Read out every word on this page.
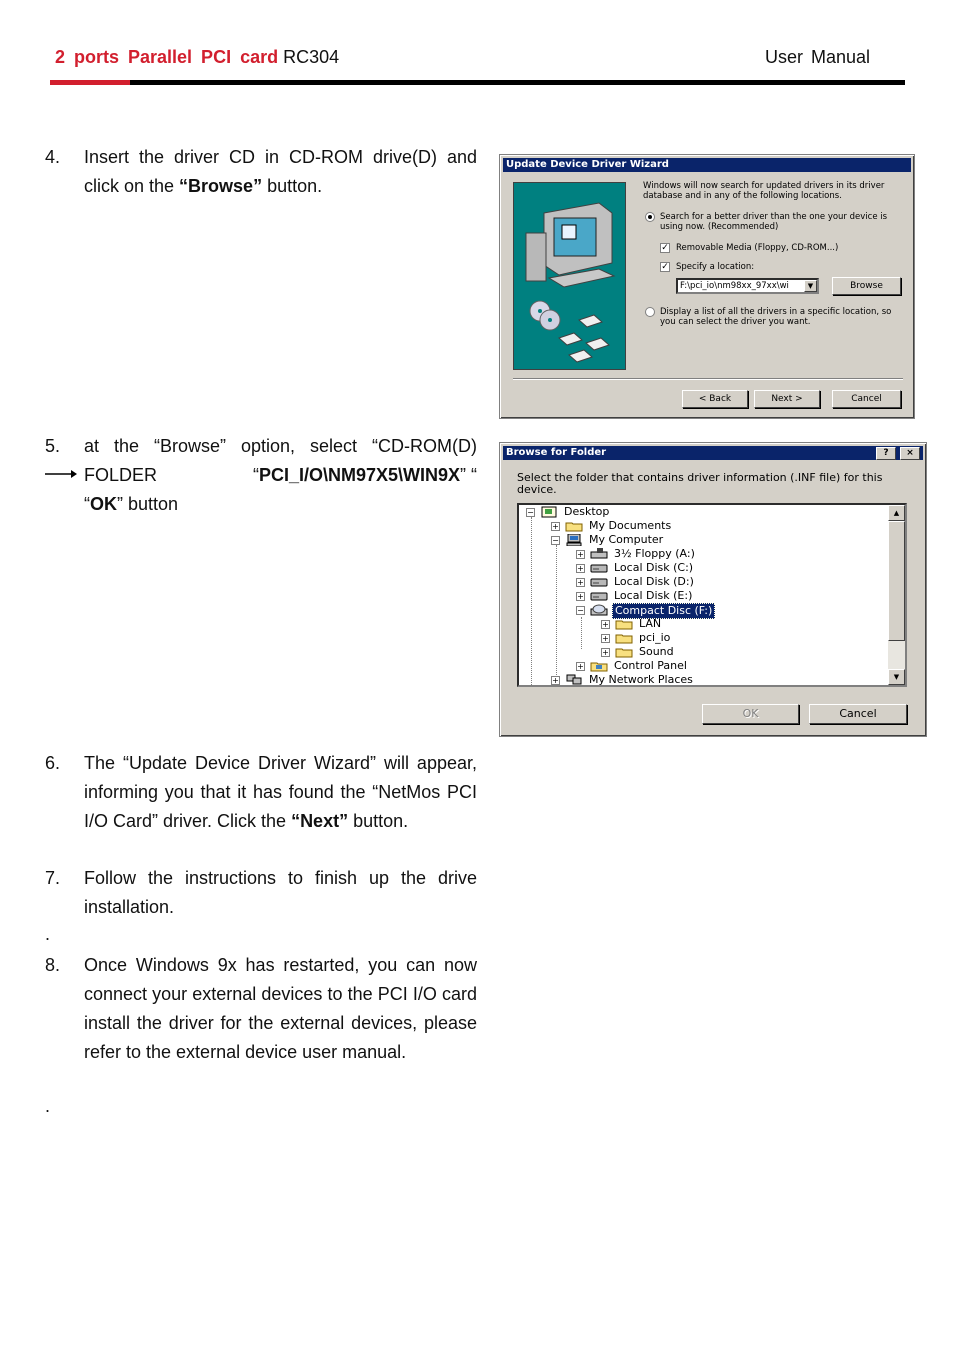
2 ports Parallel PCI card RC304	User Manual
4. Insert the driver CD in CD-ROM drive(D) and click on the “Browse” button.
5. at the “Browse” option, select “CD-ROM(D)
FOLDER	“PCI_I/O\NM97X5\WIN9X” “
“OK” button
6. The “Update Device Driver Wizard” will appear, informing you that it has found the “NetMos PCI I/O Card” driver. Click the “Next” button.
7. Follow the instructions to finish up the drive installation.
.
8. Once Windows 9x has restarted, you can now connect your external devices to the PCI I/O card install the driver for the external devices, please refer to the external device user manual.
.
Update Device Driver Wizard
Windows will now search for updated drivers in its driver database and in any of the following locations.
Search for a better driver than the one your device is using now. (Recommended)
✓ Removable Media (Floppy, CD-ROM...)
✓ Specify a location:
F:\pci_io\nm98xx_97xx\wi	▼	Browse
Display a list of all the drivers in a specific location, so you can select the driver you want.
< Back	Next >	Cancel
Browse for Folder	?	×
Select the folder that contains driver information (.INF file) for this device.
−	Desktop
+	My Documents
−	My Computer
+	3½ Floppy (A:)
+	Local Disk (C:)
+	Local Disk (D:)
+	Local Disk (E:)
−	Compact Disc (F:)
+	LAN
+	pci_io
+	Sound
+	Control Panel
+	My Network Places
▲
▼
OK	Cancel
